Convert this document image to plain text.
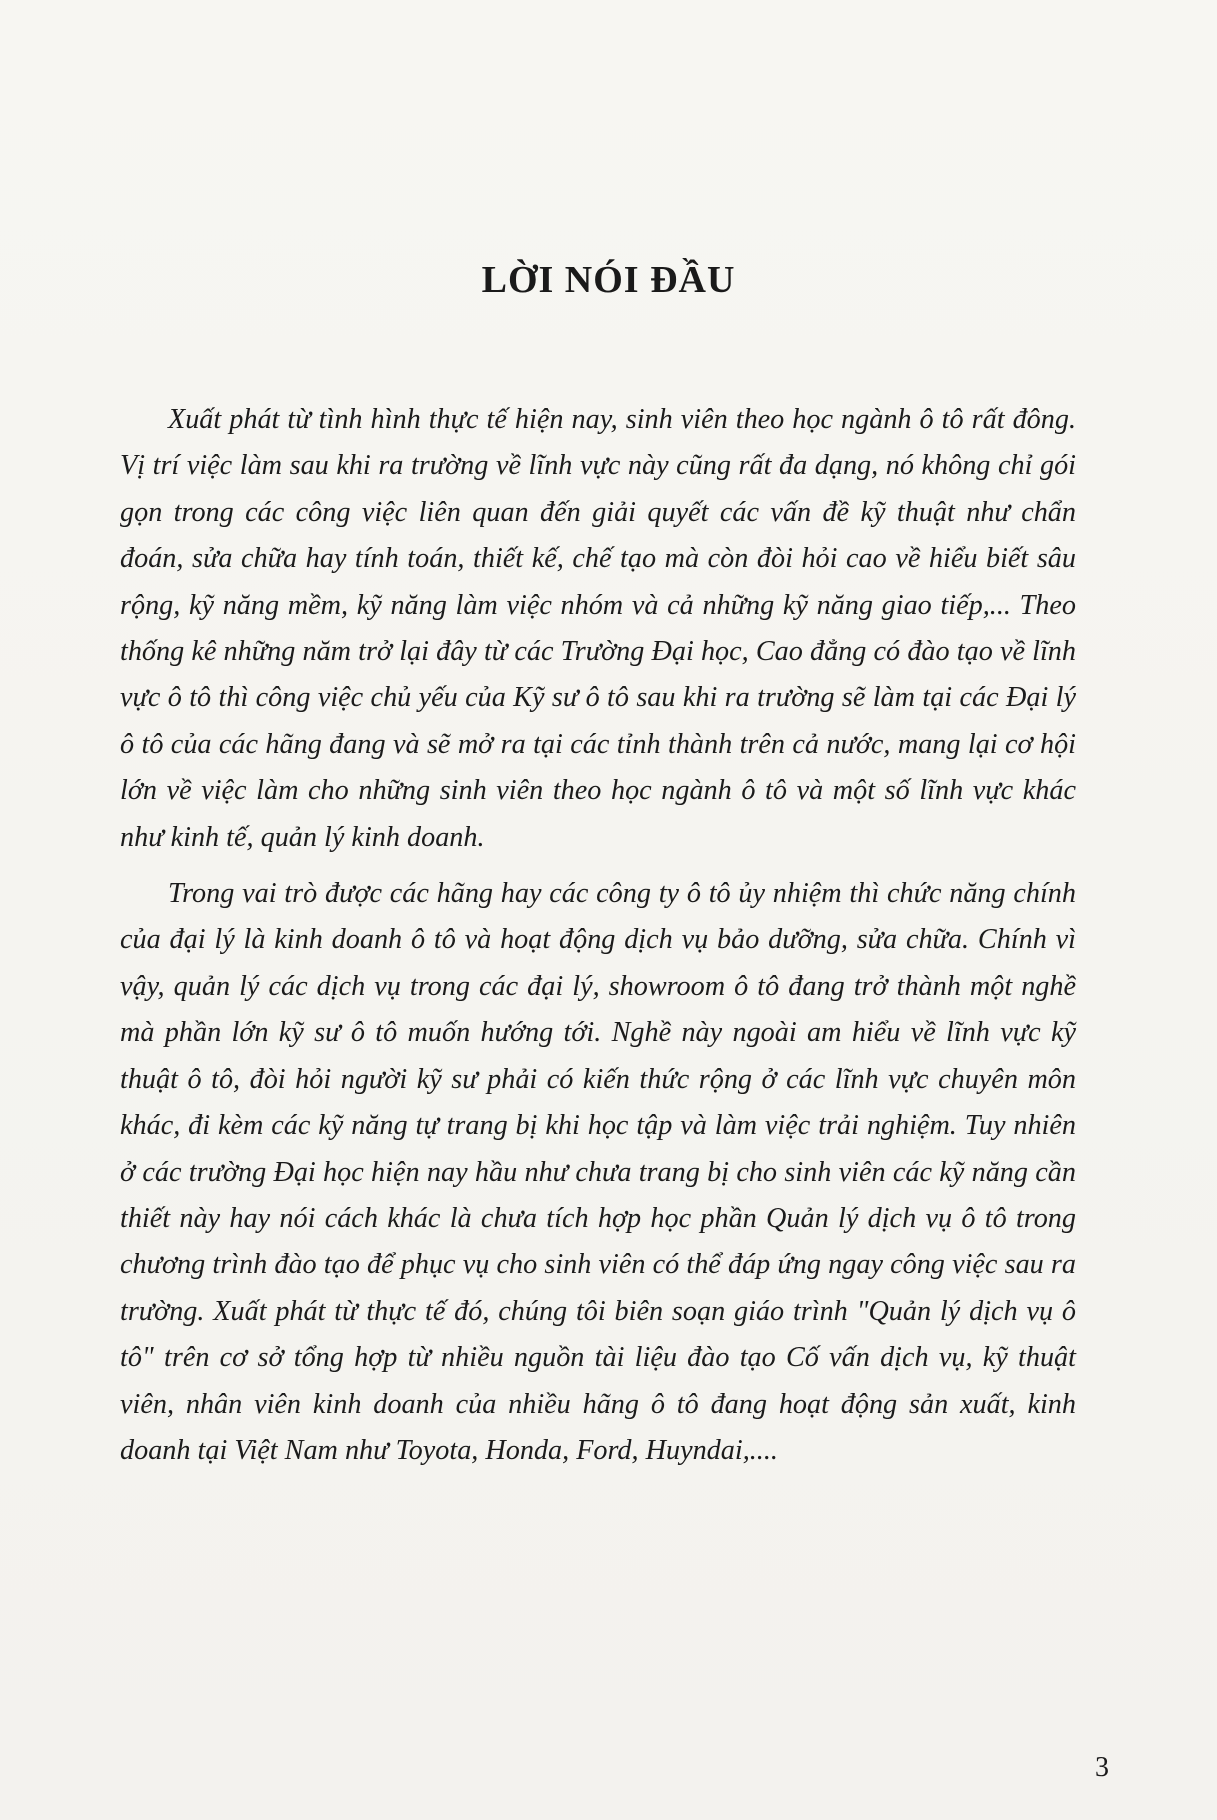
LỜI NÓI ĐẦU

Xuất phát từ tình hình thực tế hiện nay, sinh viên theo học ngành ô tô rất đông. Vị trí việc làm sau khi ra trường về lĩnh vực này cũng rất đa dạng, nó không chỉ gói gọn trong các công việc liên quan đến giải quyết các vấn đề kỹ thuật như chẩn đoán, sửa chữa hay tính toán, thiết kế, chế tạo mà còn đòi hỏi cao về hiểu biết sâu rộng, kỹ năng mềm, kỹ năng làm việc nhóm và cả những kỹ năng giao tiếp,... Theo thống kê những năm trở lại đây từ các Trường Đại học, Cao đẳng có đào tạo về lĩnh vực ô tô thì công việc chủ yếu của Kỹ sư ô tô sau khi ra trường sẽ làm tại các Đại lý ô tô của các hãng đang và sẽ mở ra tại các tỉnh thành trên cả nước, mang lại cơ hội lớn về việc làm cho những sinh viên theo học ngành ô tô và một số lĩnh vực khác như kinh tế, quản lý kinh doanh.

Trong vai trò được các hãng hay các công ty ô tô ủy nhiệm thì chức năng chính của đại lý là kinh doanh ô tô và hoạt động dịch vụ bảo dưỡng, sửa chữa. Chính vì vậy, quản lý các dịch vụ trong các đại lý, showroom ô tô đang trở thành một nghề mà phần lớn kỹ sư ô tô muốn hướng tới. Nghề này ngoài am hiểu về lĩnh vực kỹ thuật ô tô, đòi hỏi người kỹ sư phải có kiến thức rộng ở các lĩnh vực chuyên môn khác, đi kèm các kỹ năng tự trang bị khi học tập và làm việc trải nghiệm. Tuy nhiên ở các trường Đại học hiện nay hầu như chưa trang bị cho sinh viên các kỹ năng cần thiết này hay nói cách khác là chưa tích hợp học phần Quản lý dịch vụ ô tô trong chương trình đào tạo để phục vụ cho sinh viên có thể đáp ứng ngay công việc sau ra trường. Xuất phát từ thực tế đó, chúng tôi biên soạn giáo trình "Quản lý dịch vụ ô tô" trên cơ sở tổng hợp từ nhiều nguồn tài liệu đào tạo Cố vấn dịch vụ, kỹ thuật viên, nhân viên kinh doanh của nhiều hãng ô tô đang hoạt động sản xuất, kinh doanh tại Việt Nam như Toyota, Honda, Ford, Huyndai,....

3
